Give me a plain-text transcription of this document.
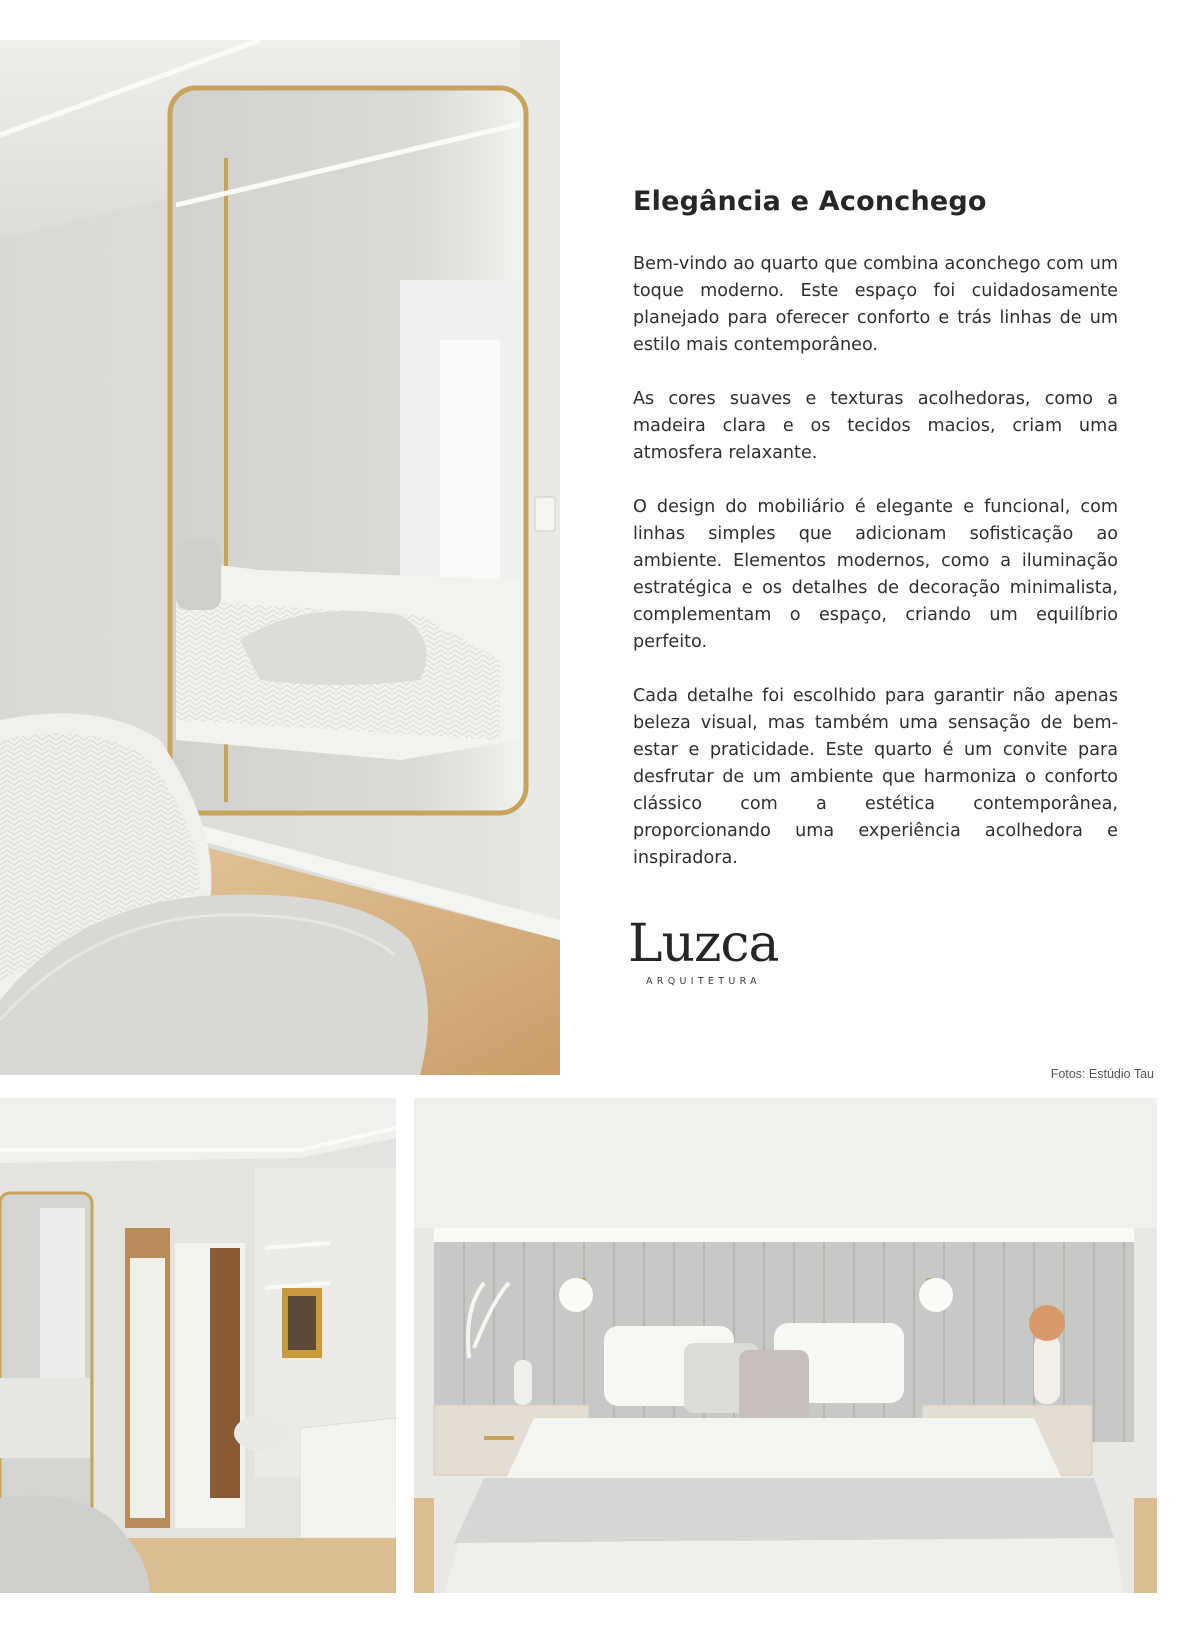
Elegância e Aconchego

Bem-vindo ao quarto que combina aconchego com um toque moderno. Este espaço foi cuidadosamente planejado para oferecer conforto e trás linhas de um estilo mais contemporâneo.

As cores suaves e texturas acolhedoras, como a madeira clara e os tecidos macios, criam uma atmosfera relaxante.

O design do mobiliário é elegante e funcional, com linhas simples que adicionam sofisticação ao ambiente. Elementos modernos, como a iluminação estratégica e os detalhes de decoração minimalista, complementam o espaço, criando um equilíbrio perfeito.

Cada detalhe foi escolhido para garantir não apenas beleza visual, mas também uma sensação de bem-estar e praticidade. Este quarto é um convite para desfrutar de um ambiente que harmoniza o conforto clássico com a estética contemporânea, proporcionando uma experiência acolhedora e inspiradora.

Luzca
ARQUITETURA
Fotos: Estúdio Tau
